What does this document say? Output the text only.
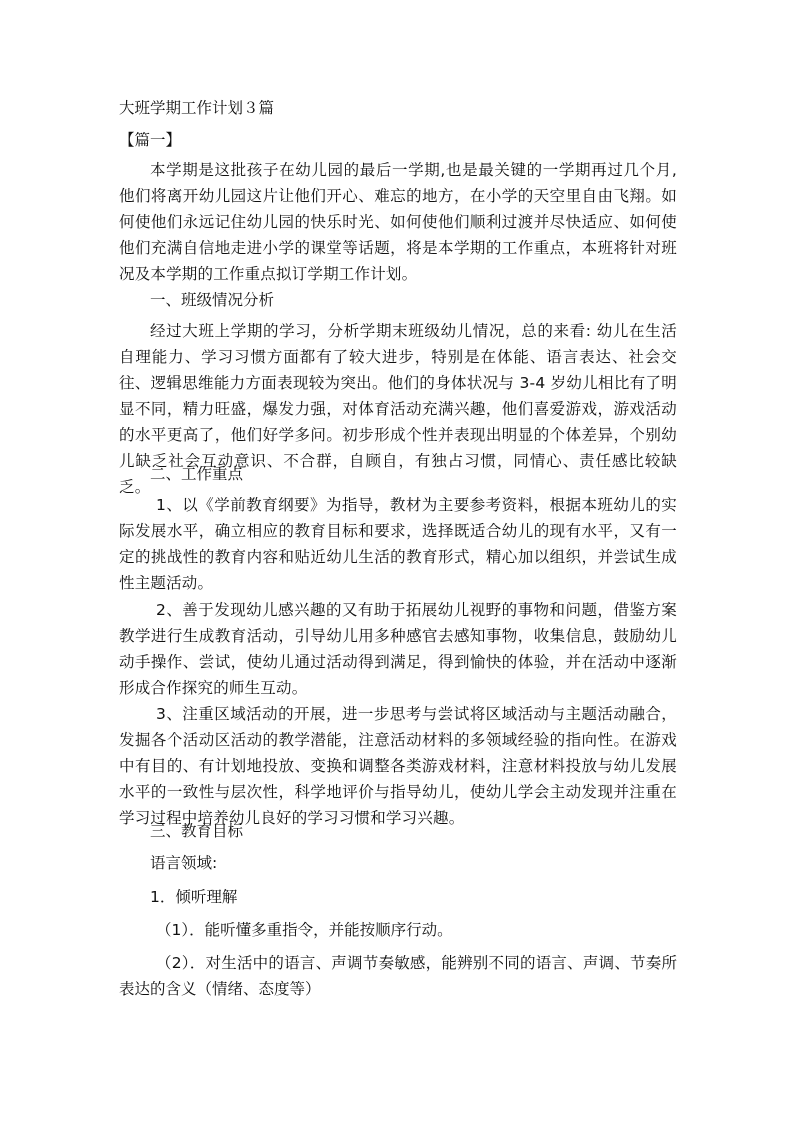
大班学期工作计划３篇
【篇一】

本学期是这批孩子在幼儿园的最后一学期,也是最关键的一学期再过几个月,他们将离开幼儿园这片让他们开心、难忘的地方，在小学的天空里自由飞翔。如何使他们永远记住幼儿园的快乐时光、如何使他们顺利过渡并尽快适应、如何使他们充满自信地走进小学的课堂等话题，将是本学期的工作重点，本班将针对班况及本学期的工作重点拟订学期工作计划。

一、班级情况分析

经过大班上学期的学习，分析学期末班级幼儿情况，总的来看: 幼儿在生活自理能力、学习习惯方面都有了较大进步，特别是在体能、语言表达、社会交往、逻辑思维能力方面表现较为突出。他们的身体状况与 3-4 岁幼儿相比有了明显不同，精力旺盛，爆发力强，对体育活动充满兴趣，他们喜爱游戏，游戏活动的水平更高了，他们好学多问。初步形成个性并表现出明显的个体差异，个别幼儿缺乏社会互动意识、不合群，自顾自，有独占习惯，同情心、责任感比较缺乏。

二、工作重点

1、以《学前教育纲要》为指导，教材为主要参考资料，根据本班幼儿的实际发展水平，确立相应的教育目标和要求，选择既适合幼儿的现有水平，又有一定的挑战性的教育内容和贴近幼儿生活的教育形式，精心加以组织，并尝试生成性主题活动。

2、善于发现幼儿感兴趣的又有助于拓展幼儿视野的事物和问题，借鉴方案教学进行生成教育活动，引导幼儿用多种感官去感知事物，收集信息，鼓励幼儿动手操作、尝试，使幼儿通过活动得到满足，得到愉快的体验，并在活动中逐渐形成合作探究的师生互动。

3、注重区域活动的开展，进一步思考与尝试将区域活动与主题活动融合，发掘各个活动区活动的教学潜能，注意活动材料的多领域经验的指向性。在游戏中有目的、有计划地投放、变换和调整各类游戏材料，注意材料投放与幼儿发展水平的一致性与层次性，科学地评价与指导幼儿，使幼儿学会主动发现并注重在学习过程中培养幼儿良好的学习习惯和学习兴趣。

三、教育目标
语言领域:
1．倾听理解
（1）．能听懂多重指令，并能按顺序行动。

（2）．对生活中的语言、声调节奏敏感，能辨别不同的语言、声调、节奏所表达的含义（情绪、态度等）
